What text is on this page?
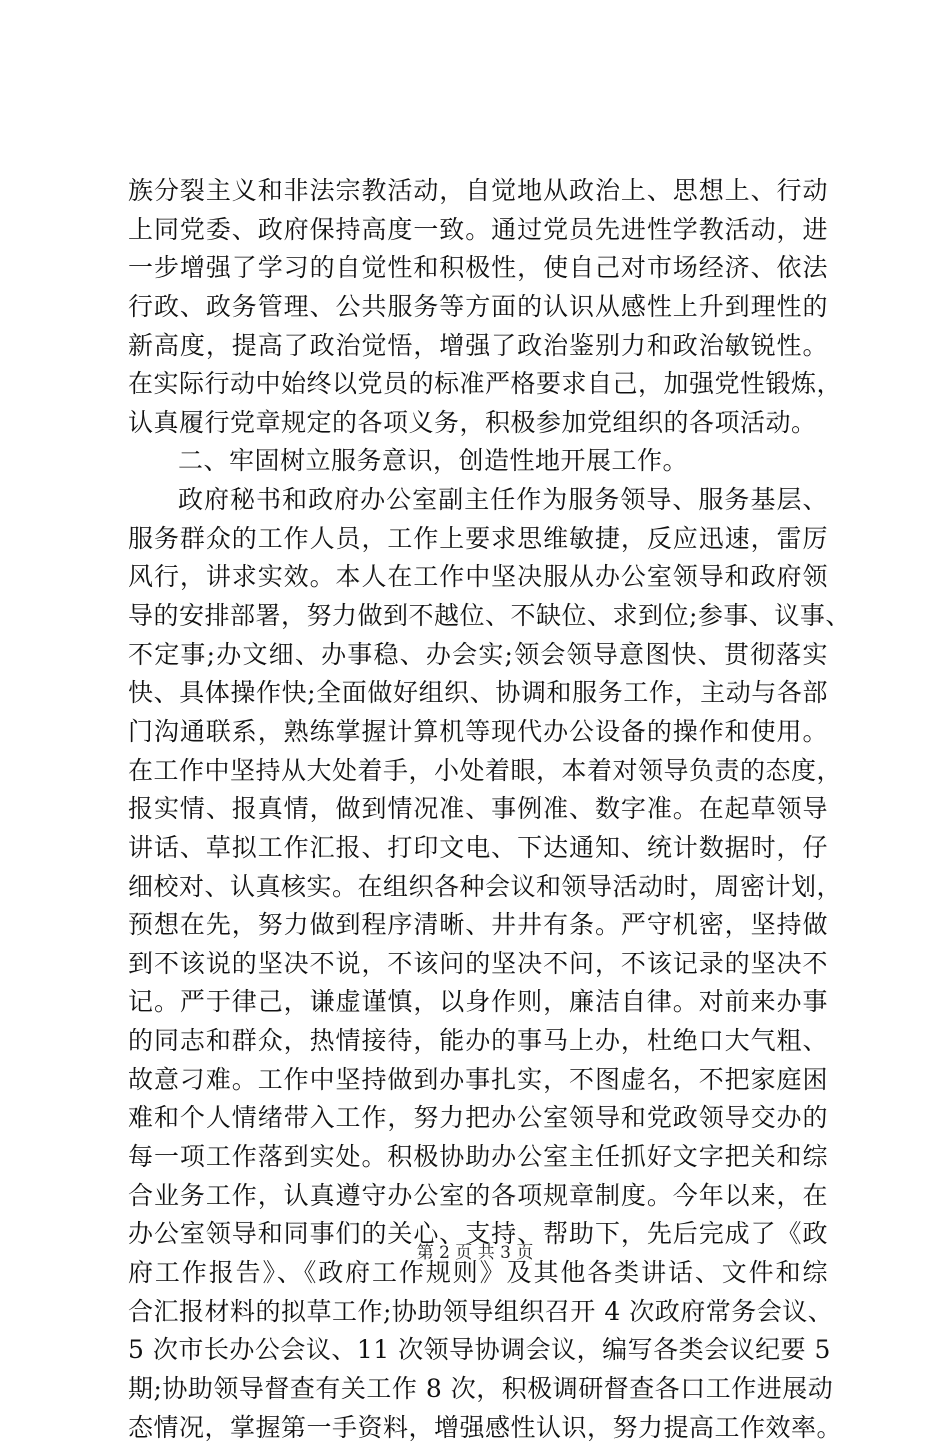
族分裂主义和非法宗教活动，自觉地从政治上、思想上、行动
上同党委、政府保持高度一致。通过党员先进性学教活动，进
一步增强了学习的自觉性和积极性，使自己对市场经济、依法
行政、政务管理、公共服务等方面的认识从感性上升到理性的
新高度，提高了政治觉悟，增强了政治鉴别力和政治敏锐性。
在实际行动中始终以党员的标准严格要求自己，加强党性锻炼，
认真履行党章规定的各项义务，积极参加党组织的各项活动。
二、牢固树立服务意识，创造性地开展工作。
政府秘书和政府办公室副主任作为服务领导、服务基层、
服务群众的工作人员，工作上要求思维敏捷，反应迅速，雷厉
风行，讲求实效。本人在工作中坚决服从办公室领导和政府领
导的安排部署，努力做到不越位、不缺位、求到位;参事、议事、
不定事;办文细、办事稳、办会实;领会领导意图快、贯彻落实
快、具体操作快;全面做好组织、协调和服务工作，主动与各部
门沟通联系，熟练掌握计算机等现代办公设备的操作和使用。
在工作中坚持从大处着手，小处着眼，本着对领导负责的态度，
报实情、报真情，做到情况准、事例准、数字准。在起草领导
讲话、草拟工作汇报、打印文电、下达通知、统计数据时，仔
细校对、认真核实。在组织各种会议和领导活动时，周密计划，
预想在先，努力做到程序清晰、井井有条。严守机密，坚持做
到不该说的坚决不说，不该问的坚决不问，不该记录的坚决不
记。严于律己，谦虚谨慎，以身作则，廉洁自律。对前来办事
的同志和群众，热情接待，能办的事马上办，杜绝口大气粗、
故意刁难。工作中坚持做到办事扎实，不图虚名，不把家庭困
难和个人情绪带入工作，努力把办公室领导和党政领导交办的
每一项工作落到实处。积极协助办公室主任抓好文字把关和综
合业务工作，认真遵守办公室的各项规章制度。今年以来，在
办公室领导和同事们的关心、支持、帮助下，先后完成了《政
府工作报告》、《政府工作规则》及其他各类讲话、文件和综
合汇报材料的拟草工作;协助领导组织召开 4 次政府常务会议、
5 次市长办公会议、11 次领导协调会议，编写各类会议纪要 5
期;协助领导督查有关工作 8 次，积极调研督查各口工作进展动
态情况，掌握第一手资料，增强感性认识，努力提高工作效率。
第 2 页 共 3 页
